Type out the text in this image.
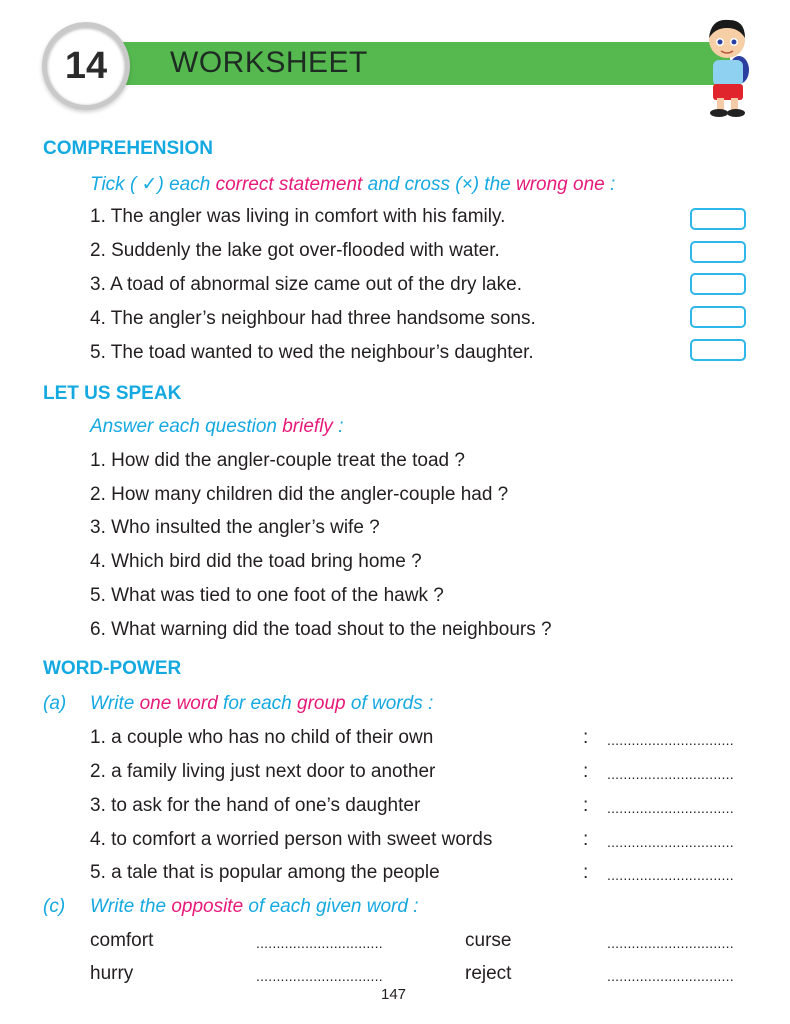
14	WORKSHEET
COMPREHENSION
Tick ( ✓) each correct statement and cross (×) the wrong one :
1. The angler was living in comfort with his family.
2. Suddenly the lake got over-flooded with water.
3. A toad of abnormal size came out of the dry lake.
4. The angler’s neighbour had three handsome sons.
5. The toad wanted to wed the neighbour’s daughter.
LET US SPEAK
Answer each question briefly :
1. How did the angler-couple treat the toad ?
2. How many children did the angler-couple had ?
3. Who insulted the angler’s wife ?
4. Which bird did the toad bring home ?
5. What was tied to one foot of the hawk ?
6. What warning did the toad shout to the neighbours ?
WORD-POWER
(a) Write one word for each group of words :
1. a couple who has no child of their own	: ...............................
2. a family living just next door to another	: ...............................
3. to ask for the hand of one’s daughter	: ...............................
4. to comfort a worried person with sweet words	: ...............................
5. a tale that is popular among the people	: ...............................
(c) Write the opposite of each given word :
comfort	...............................	curse	...............................
hurry	...............................	reject	...............................
147
